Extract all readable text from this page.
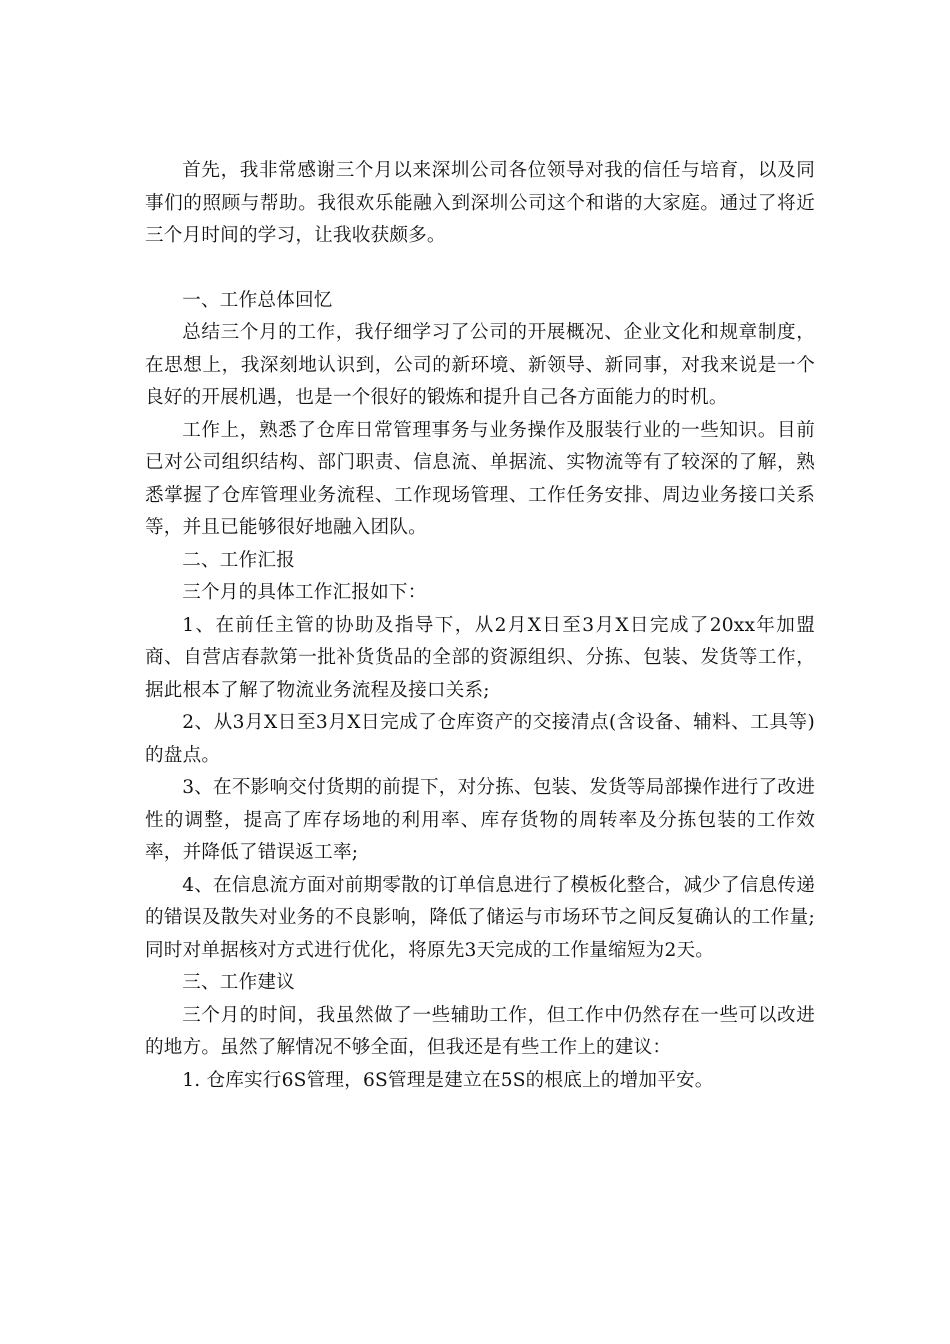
首先，我非常感谢三个月以来深圳公司各位领导对我的信任与培育，以及同事们的照顾与帮助。我很欢乐能融入到深圳公司这个和谐的大家庭。通过了将近三个月时间的学习，让我收获颇多。

一、工作总体回忆

总结三个月的工作，我仔细学习了公司的开展概况、企业文化和规章制度，在思想上，我深刻地认识到，公司的新环境、新领导、新同事，对我来说是一个良好的开展机遇，也是一个很好的锻炼和提升自己各方面能力的时机。

工作上，熟悉了仓库日常管理事务与业务操作及服装行业的一些知识。目前已对公司组织结构、部门职责、信息流、单据流、实物流等有了较深的了解，熟悉掌握了仓库管理业务流程、工作现场管理、工作任务安排、周边业务接口关系等，并且已能够很好地融入团队。

二、工作汇报

三个月的具体工作汇报如下：

1、在前任主管的协助及指导下，从2月X日至3月X日完成了20xx年加盟商、自营店春款第一批补货货品的全部的资源组织、分拣、包装、发货等工作，据此根本了解了物流业务流程及接口关系;

2、从3月X日至3月X日完成了仓库资产的交接清点(含设备、辅料、工具等)的盘点。

3、在不影响交付货期的前提下，对分拣、包装、发货等局部操作进行了改进性的调整，提高了库存场地的利用率、库存货物的周转率及分拣包装的工作效率，并降低了错误返工率;

4、在信息流方面对前期零散的订单信息进行了模板化整合，减少了信息传递的错误及散失对业务的不良影响，降低了储运与市场环节之间反复确认的工作量;同时对单据核对方式进行优化，将原先3天完成的工作量缩短为2天。

三、工作建议

三个月的时间，我虽然做了一些辅助工作，但工作中仍然存在一些可以改进的地方。虽然了解情况不够全面，但我还是有些工作上的建议：

1. 仓库实行6S管理，6S管理是建立在5S的根底上的增加平安。
